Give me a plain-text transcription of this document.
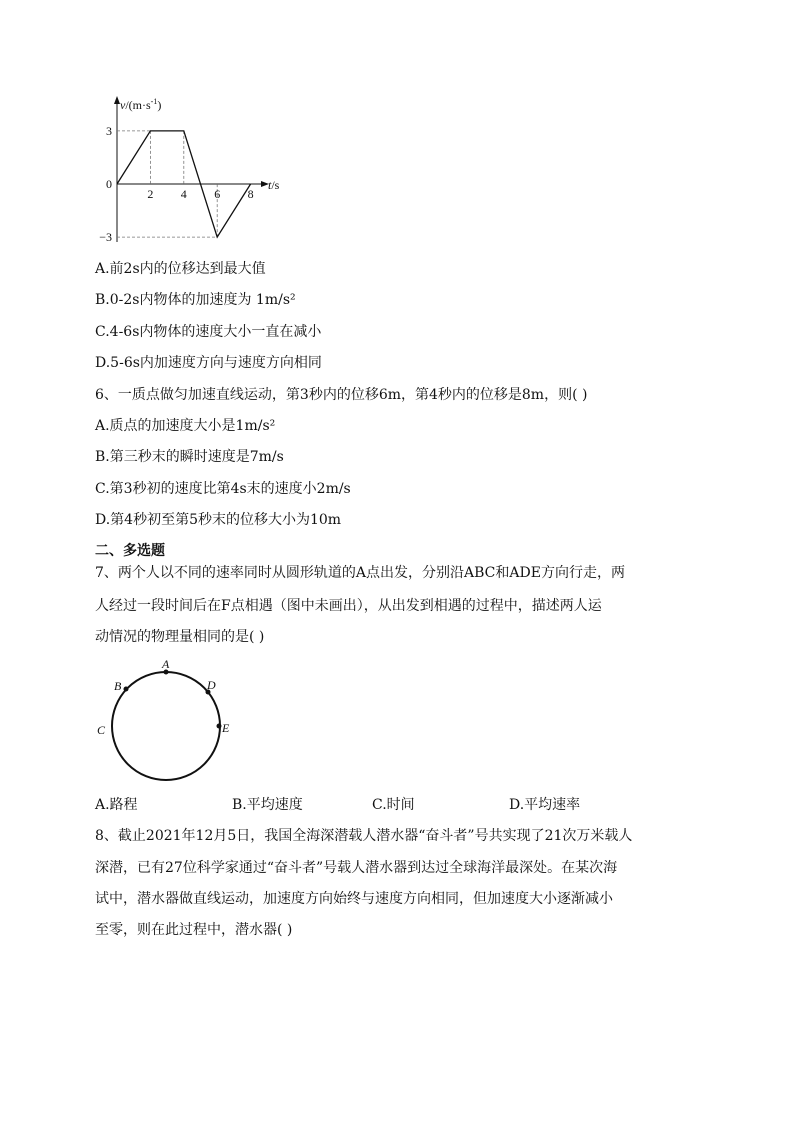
2 4 6 8
3
0
−3
$v/(m\cdot s^{-1})$
t/s
A.前2s内的位移达到最大值
B.0-2s内物体的加速度为 1m/s²
C.4-6s内物体的速度大小一直在减小
D.5-6s内加速度方向与速度方向相同
6、一质点做匀加速直线运动，第3秒内的位移6m，第4秒内的位移是8m，则( )
A.质点的加速度大小是1m/s²
B.第三秒末的瞬时速度是7m/s
C.第3秒初的速度比第4s末的速度小2m/s
D.第4秒初至第5秒末的位移大小为10m
二、多选题
7、两个人以不同的速率同时从圆形轨道的A点出发，分别沿ABC和ADE方向行走，两
人经过一段时间后在F点相遇（图中未画出），从出发到相遇的过程中，描述两人运
动情况的物理量相同的是( )
A
B
C
D
E
A.路程	B.平均速度	C.时间	D.平均速率
8、截止2021年12月5日，我国全海深潜载人潜水器“奋斗者”号共实现了21次万米载人
深潜，已有27位科学家通过“奋斗者”号载人潜水器到达过全球海洋最深处。在某次海
试中，潜水器做直线运动，加速度方向始终与速度方向相同，但加速度大小逐渐减小
至零，则在此过程中，潜水器( )
